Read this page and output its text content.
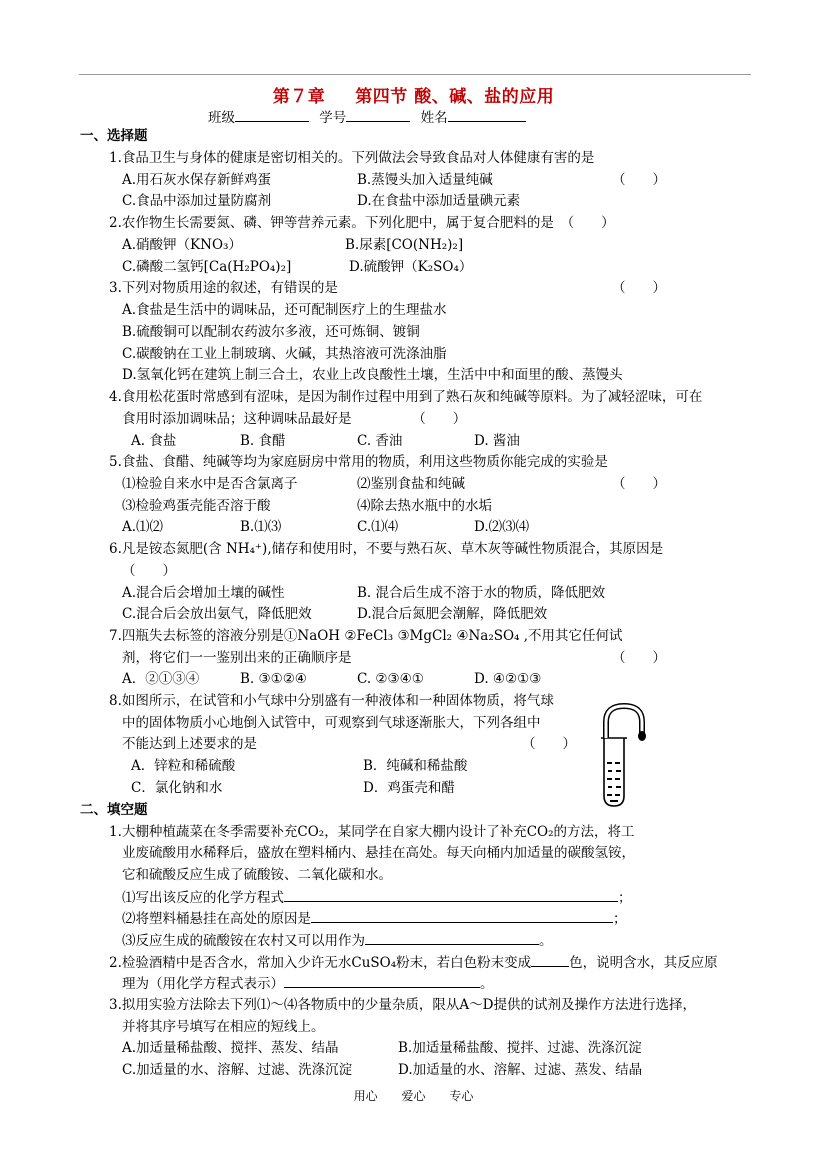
第７章 第四节 酸、碱、盐的应用
班级	学号	姓名
一、选择题
1.食品卫生与身体的健康是密切相关的。下列做法会导致食品对人体健康有害的是
A.用石灰水保存新鲜鸡蛋	B.蒸馒头加入适量纯碱	（　　）
C.食品中添加过量防腐剂	D.在食盐中添加适量碘元素
2.农作物生长需要氮、磷、钾等营养元素。下列化肥中，属于复合肥料的是　（　　）
A.硝酸钾（KNO₃）	B.尿素[CO(NH₂)₂]
C.磷酸二氢钙[Ca(H₂PO₄)₂]	D.硫酸钾（K₂SO₄）
3.下列对物质用途的叙述，有错误的是	（　　）
A.食盐是生活中的调味品，还可配制医疗上的生理盐水
B.硫酸铜可以配制农药波尔多液，还可炼铜、镀铜
C.碳酸钠在工业上制玻璃、火碱，其热溶液可洗涤油脂
D.氢氧化钙在建筑上制三合土，农业上改良酸性土壤，生活中中和面里的酸、蒸馒头
4.食用松花蛋时常感到有涩味，是因为制作过程中用到了熟石灰和纯碱等原料。为了减轻涩味，可在
食用时添加调味品；这种调味品最好是　　　　　（　　）
A. 食盐	B. 食醋	C. 香油	D. 酱油
5.食盐、食醋、纯碱等均为家庭厨房中常用的物质，利用这些物质你能完成的实验是
⑴检验自来水中是否含氯离子	⑵鉴别食盐和纯碱	（　　）
⑶检验鸡蛋壳能否溶于酸	⑷除去热水瓶中的水垢
A.⑴⑵	B.⑴⑶	C.⑴⑷	D.⑵⑶⑷
6.凡是铵态氮肥(含 NH₄⁺),储存和使用时，不要与熟石灰、草木灰等碱性物质混合，其原因是
（　　）
A.混合后会增加土壤的碱性	B. 混合后生成不溶于水的物质，降低肥效
C.混合后会放出氨气，降低肥效	D.混合后氮肥会潮解，降低肥效
7.四瓶失去标签的溶液分别是①NaOH ②FeCl₃ ③MgCl₂ ④Na₂SO₄ ,不用其它任何试
剂，将它们一一鉴别出来的正确顺序是	（　　）
A．②①③④	B. ③①②④	C. ②③④①	D. ④②①③
8.如图所示，在试管和小气球中分别盛有一种液体和一种固体物质，将气球
中的固体物质小心地倒入试管中，可观察到气球逐渐胀大，下列各组中
不能达到上述要求的是	（　　）
A．锌粒和稀硫酸	B．纯碱和稀盐酸
C．氯化钠和水	D．鸡蛋壳和醋
二、填空题
1.大棚种植蔬菜在冬季需要补充CO₂，某同学在自家大棚内设计了补充CO₂的方法，将工
业废硫酸用水稀释后，盛放在塑料桶内、悬挂在高处。每天向桶内加适量的碳酸氢铵，
它和硫酸反应生成了硫酸铵、二氧化碳和水。
⑴写出该反应的化学方程式	；
⑵将塑料桶悬挂在高处的原因是	；
⑶反应生成的硫酸铵在农村又可以用作为	。
2.检验酒精中是否含水，常加入少许无水CuSO₄粉末，若白色粉末变成	色，说明含水，其反应原
理为（用化学方程式表示）	。
3.拟用实验方法除去下列⑴～⑷各物质中的少量杂质，限从A～D提供的试剂及操作方法进行选择，
并将其序号填写在相应的短线上。
A.加适量稀盐酸、搅拌、蒸发、结晶	B.加适量稀盐酸、搅拌、过滤、洗涤沉淀
C.加适量的水、溶解、过滤、洗涤沉淀	D.加适量的水、溶解、过滤、蒸发、结晶
用心 爱心 专心
